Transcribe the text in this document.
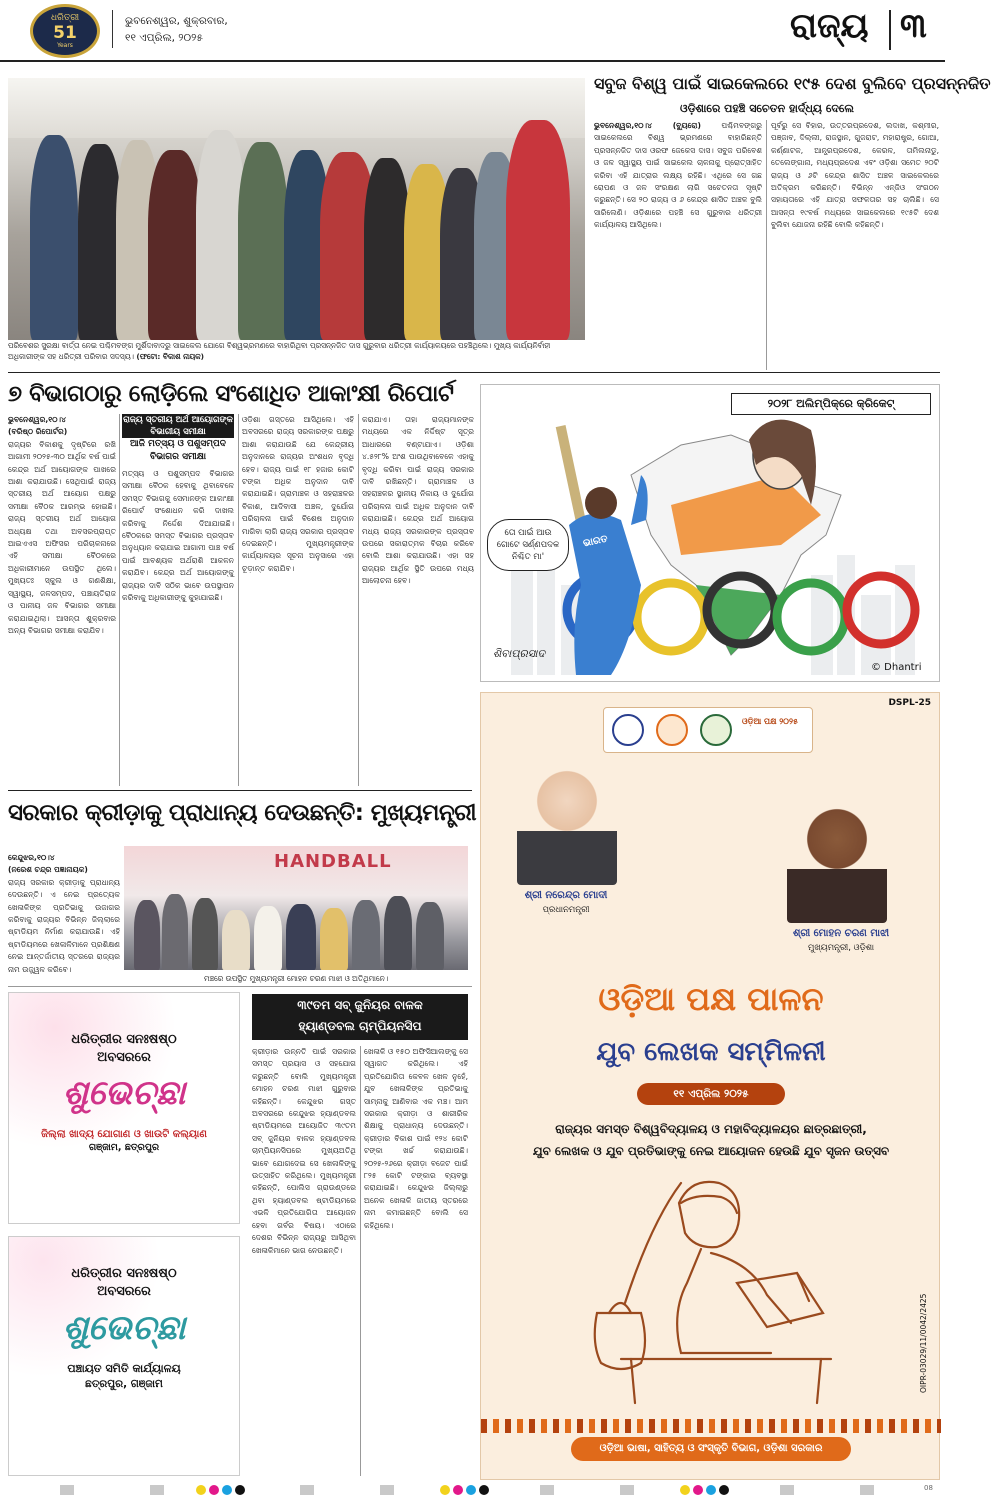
ଧରିତ୍ରୀ
51
Years
ଭୁବନେଶ୍ୱର, ଶୁକ୍ରବାର,
୧୧ ଏପ୍ରିଲ, ୨୦୨୫	ରାଜ୍ୟ ୩
ପରିବେଶର ସୁରକ୍ଷା ବାର୍ତ୍ତା ନେଇ ପଶ୍ଚିମବଙ୍ଗ ମୁର୍ଶିଦାବାଦରୁ ସାଇକେଲ ଯୋଗେ ବିଶ୍ୱଭ୍ରମଣରେ ବାହାରିଥିବା ପ୍ରସନ୍ନଜିତ ଦାସ ଗୁରୁବାର ଧରିତ୍ରୀ କାର୍ଯ୍ୟାଳୟରେ ପହଞ୍ଚିଥିଲେ। ମୁଖ୍ୟ କାର୍ଯ୍ୟନିର୍ବାହୀ ଅଧିକାରୀଙ୍କ ସହ ଧରିତ୍ରୀ ପରିବାର ସଦସ୍ୟ। (ଫଟୋ: ବିକାଶ ନାୟକ)
ସବୁଜ ବିଶ୍ୱ ପାଇଁ ସାଇକେଲରେ ୧୯୫ ଦେଶ ବୁଲିବେ ପ୍ରସନ୍ନଜିତ
ଓଡ଼ିଶାରେ ପହଞ୍ଚି ସଚେତନ ହାର୍ଦ୍ଧ୍ୟ ଦେଲେ
ଭୁବନେଶ୍ୱର,୧୦।୪ (ବ୍ୟୁରୋ)	ପଶ୍ଚିମବଙ୍ଗରୁ ସାଇକେଲରେ ବିଶ୍ୱ ଭ୍ରମଣରେ ବାହାରିଛନ୍ତି ପ୍ରସନ୍ନଜିତ ଦାସ ଓରଫ ଜେକେସ ଦାସ। ସବୁଜ ପରିବେଶ ଓ ଜଳ ସ୍ୱାସ୍ଥ୍ୟ ପାଇଁ ସାଇକେଲ ଚାଳନାକୁ ପ୍ରୋତ୍ସାହିତ କରିବା ଏହି ଯାତ୍ରାର ଲକ୍ଷ୍ୟ ରହିଛି। ଏଥିରେ ସେ ଗଛ ରୋପଣ ଓ ଜଳ ସଂରକ୍ଷଣ ଲାଗି ସଚେତନତା ସୃଷ୍ଟି କରୁଛନ୍ତି। ସେ ୨୦ ରାଜ୍ୟ ଓ ୬ କେନ୍ଦ୍ର ଶାସିତ ଅଞ୍ଚଳ ବୁଲି ସାରିଲେଣି। ଓଡ଼ିଶାରେ ପହଞ୍ଚି ସେ ଗୁରୁବାର ଧରିତ୍ରୀ କାର୍ଯ୍ୟାଳୟ ଆସିଥିଲେ।
ପୂର୍ବରୁ ସେ ବିହାର, ଉତ୍ତରପ୍ରଦେଶ, ଲଦାଖ, କଶ୍ମୀର, ପଞ୍ଜାବ, ଦିଲ୍ଲୀ, ରାଜସ୍ଥାନ, ଗୁଜରାଟ, ମହାରାଷ୍ଟ୍ର, ଗୋଆ, କର୍ଣ୍ଣାଟକ, ଆନ୍ଧ୍ରପ୍ରଦେଶ, କେରଳ, ତାମିଲନାଡୁ, ତେଲେଙ୍ଗାନା, ମଧ୍ୟପ୍ରଦେଶ ଏବଂ ଓଡ଼ିଶା ସମେତ ୨୦ଟି ରାଜ୍ୟ ଓ ୬ଟି କେନ୍ଦ୍ର ଶାସିତ ଅଞ୍ଚଳ ସାଇକେଲରେ ଅତିକ୍ରମ କରିଛନ୍ତି। ବିଭିନ୍ନ ଏନ୍‌ଜିଓ ସଂଗଠନ ସହାୟତାରେ ଏହି ଯାତ୍ରା ସଫଳତାର ସହ ଚାଲିଛି। ସେ ଆସନ୍ତା ୧୯ବର୍ଷ ମଧ୍ୟରେ ସାଇକେଲରେ ୧୯୫ଟି ଦେଶ ବୁଲିବା ଯୋଜନା ରହିଛି ବୋଲି କହିଛନ୍ତି।
୭ ବିଭାଗଠାରୁ ଲୋଡ଼ିଲେ ସଂଶୋଧିତ ଆକାଂକ୍ଷୀ ରିପୋର୍ଟ
ଭୁବନେଶ୍ୱର,୧୦।୪
(ବରିଷ୍ଠ ରିପୋର୍ଟର)
ରାଜ୍ୟର ବିକାଶକୁ ଦୃଷ୍ଟିରେ ରଖି ଆଗାମୀ ୨୦୨୫-୩୦ ଆର୍ଥିକ ବର୍ଷ ପାଇଁ କେନ୍ଦ୍ର ଅର୍ଥ ଆୟୋଗଙ୍କ ପାଖରେ ଆଶା କରାଯାଉଛି। ସେଥିପାଇଁ ରାଜ୍ୟ ସ୍ତରୀୟ ଅର୍ଥ ଆୟୋଗ ପକ୍ଷରୁ ସମୀକ୍ଷା ବୈଠକ ଆରମ୍ଭ ହୋଇଛି। ରାଜ୍ୟ ସ୍ତରୀୟ ଅର୍ଥ ଆୟୋଗ ଅଧ୍ୟକ୍ଷ ତଥା ଅବସରପ୍ରାପ୍ତ ଆଇଏଏସ ଅଫିସର ପରିଚାଳନାରେ ଏହି ସମୀକ୍ଷା ବୈଠକରେ ଅଧିକାରୀମାନେ ଉପସ୍ଥିତ ଥିଲେ। ମୁଖ୍ୟତଃ ସ୍କୁଲ ଓ ଗଣଶିକ୍ଷା, ସ୍ୱାସ୍ଥ୍ୟ, ଜଳସମ୍ପଦ, ପଞ୍ଚାୟତିରାଜ ଓ ପାନୀୟ ଜଳ ବିଭାଗର ସମୀକ୍ଷା କରାଯାଇଥିଲା। ଆସନ୍ତା ଶୁକ୍ରବାର ଅନ୍ୟ ବିଭାଗର ସମୀକ୍ଷା କରାଯିବ।
ରାଜ୍ୟ ସ୍ତରୀୟ ଅର୍ଥ ଆୟୋଗଙ୍କ
ବିଭାଗୀୟ ସମୀକ୍ଷା
ଆଜି ମତ୍ସ୍ୟ ଓ ପଶୁସମ୍ପଦ
ବିଭାଗର ସମୀକ୍ଷା
ମତ୍ସ୍ୟ ଓ ପଶୁସମ୍ପଦ ବିଭାଗର ସମୀକ୍ଷା ବୈଠକ ହେବାକୁ ଥିବାବେଳେ ସମସ୍ତ ବିଭାଗକୁ ସେମାନଙ୍କ ଆକାଂକ୍ଷୀ ରିପୋର୍ଟ ସଂଶୋଧନ କରି ଦାଖଲ କରିବାକୁ ନିର୍ଦ୍ଦେଶ ଦିଆଯାଇଛି। ବୈଠକରେ ସମସ୍ତ ବିଭାଗର ପ୍ରସ୍ତାବ ଅନୁଧ୍ୟାନ କରାଯାଇ ଆଗାମୀ ପାଞ୍ଚ ବର୍ଷ ପାଇଁ ଆବଶ୍ୟକ ଅର୍ଥରାଶି ଆକଳନ କରାଯିବ। କେନ୍ଦ୍ର ଅର୍ଥ ଆୟୋଗଙ୍କୁ ରାଜ୍ୟର ଦାବି ସଠିକ ଭାବେ ଉପସ୍ଥାପନ କରିବାକୁ ଅଧିକାରୀଙ୍କୁ କୁହାଯାଇଛି।
ଓଡ଼ିଶା ଗସ୍ତରେ ଆସିଥିଲେ। ଏହି ଅବସରରେ ରାଜ୍ୟ ସରକାରଙ୍କ ପକ୍ଷରୁ ଆଶା କରାଯାଉଛି ଯେ କେନ୍ଦ୍ରୀୟ ଅନୁଦାନରେ ରାଜ୍ୟର ଅଂଶଧନ ବୃଦ୍ଧି ହେବ। ରାଜ୍ୟ ପାଇଁ ୧୮ ହଜାର କୋଟି ଟଙ୍କା ଅଧିକ ଅନୁଦାନ ଦାବି କରାଯାଇଛି। ଗ୍ରାମାଞ୍ଚଳ ଓ ସହରାଞ୍ଚଳର ବିକାଶ, ଆଦିବାସୀ ଅଞ୍ଚଳ, ଦୁର୍ଯୋଗ ପରିଚାଳନା ପାଇଁ ବିଶେଷ ଅନୁଦାନ ମାଗିବା ଲାଗି ରାଜ୍ୟ ସରକାର ପ୍ରସ୍ତାବ ଦେଇଛନ୍ତି। ମୁଖ୍ୟମନ୍ତ୍ରୀଙ୍କ କାର୍ଯ୍ୟାଳୟର ସୂଚନା ଅନୁସାରେ ଏହା ଚୂଡ଼ାନ୍ତ କରାଯିବ।
କରାଯାଏ। ତାହା ରାଜ୍ୟମାନଙ୍କ ମଧ୍ୟରେ ଏକ ନିର୍ଦ୍ଦିଷ୍ଟ ସୂତ୍ର ଆଧାରରେ ବଣ୍ଟାଯାଏ। ଓଡ଼ିଶା ୪.୫୨୮% ଅଂଶ ପାଉଥିବାବେଳେ ଏହାକୁ ବୃଦ୍ଧି କରିବା ପାଇଁ ରାଜ୍ୟ ସରକାର ଦାବି ରଖିଛନ୍ତି। ଗ୍ରାମାଞ୍ଚଳ ଓ ସହରାଞ୍ଚଳର ସ୍ଥାନୀୟ ନିକାୟ ଓ ଦୁର୍ଯୋଗ ପରିଚାଳନା ପାଇଁ ଅଧିକ ଅନୁଦାନ ଦାବି କରାଯାଇଛି। କେନ୍ଦ୍ର ଅର୍ଥ ଆୟୋଗ ମଧ୍ୟ ରାଜ୍ୟ ସରକାରଙ୍କ ପ୍ରସ୍ତାବ ଉପରେ ସକାରାତ୍ମକ ବିଚାର କରିବେ ବୋଲି ଆଶା କରାଯାଉଛି। ଏହା ସହ ରାଜ୍ୟର ଆର୍ଥିକ ସ୍ଥିତି ଉପରେ ମଧ୍ୟ ଆଲୋଚନା ହେବ।
୨୦୨୮ ଅଲିମ୍ପିକ୍‌ରେ କ୍ରିକେଟ୍
ତୋ ପାଇଁ ଆଉ ଗୋଟେ ସର୍ଣ୍ଣପଦକ ନିଶ୍ଚିତ ମା'
ଭାରତ
ଶିବାପ୍ରସାଦ
© Dhantri
ସରକାର କ୍ରୀଡ଼ାକୁ ପ୍ରାଧାନ୍ୟ ଦେଉଛନ୍ତି: ମୁଖ୍ୟମନ୍ତ୍ରୀ
କେନ୍ଦୁଝର,୧୦।୪
(ନରେଶ ଚନ୍ଦ୍ର ପଜ୍ଞାନାୟକ)
ରାଜ୍ୟ ସରକାର କ୍ରୀଡ଼ାକୁ ପ୍ରାଧାନ୍ୟ ଦେଉଛନ୍ତି। ଏ ନେଇ ପ୍ରତ୍ୟେକ ଖେଳାଳିଙ୍କ ପ୍ରତିଭାକୁ ଉଜାଗର କରିବାକୁ ରାଜ୍ୟର ବିଭିନ୍ନ ଜିଲ୍ଲାରେ ଷ୍ଟାଡିୟମ ନିର୍ମାଣ କରାଯାଉଛି। ଏହି ଷ୍ଟାଡିୟମରେ ଖେଳାଳିମାନେ ପ୍ରଶିକ୍ଷଣ ନେଇ ଆନ୍ତର୍ଜାତୀୟ ସ୍ତରରେ ରାଜ୍ୟର ନାମ ଉଜ୍ଜ୍ୱଳ କରିବେ।
HANDBALL
ମଞ୍ଚରେ ଉପସ୍ଥିତ ମୁଖ୍ୟମନ୍ତ୍ରୀ ମୋହନ ଚରଣ ମାଝୀ ଓ ଅତିଥିମାନେ।
ଧରିତ୍ରୀର ସନଃଷଷ୍ଠ
ଅବସରରେ
ଶୁଭେଚ୍ଛା
ଜିଲ୍ଲା ଖାଦ୍ୟ ଯୋଗାଣ ଓ ଖାଉଟି କଲ୍ୟାଣ
ଗଞ୍ଜାମ, ଛତ୍ରପୁର
ଧରିତ୍ରୀର ସନଃଷଷ୍ଠ
ଅବସରରେ
ଶୁଭେଚ୍ଛା
ପଞ୍ଚାୟତ ସମିତି କାର୍ଯ୍ୟାଳୟ
ଛତ୍ରପୁର, ଗଞ୍ଜାମ
୩୯ତମ ସବ୍ ଜୁନିୟର ବାଳକ
ହ୍ୟାଣ୍ଡବଲ ଚାମ୍ପିୟନସିପ
କ୍ରୀଡ଼ାର ଉନ୍ନତି ପାଇଁ ସରକାର ସମସ୍ତ ପ୍ରୟାସ ଓ ସହଯୋଗ କରୁଛନ୍ତି ବୋଲି ମୁଖ୍ୟମନ୍ତ୍ରୀ ମୋହନ ଚରଣ ମାଝୀ ଗୁରୁବାର କହିଛନ୍ତି। କେନ୍ଦୁଝର ଗସ୍ତ ଅବସରରେ କେନ୍ଦୁଝର ହ୍ୟାଣ୍ଡବଲ ଷ୍ଟାଡିୟମରେ ଆୟୋଜିତ ୩୯ତମ ସବ୍ ଜୁନିୟର ବାଳକ ହ୍ୟାଣ୍ଡବଲ ଚାମ୍ପିୟନସିପରେ ମୁଖ୍ୟଅତିଥି ଭାବେ ଯୋଗଦେଇ ସେ ଖେଳାଳିଙ୍କୁ ଉତ୍ସାହିତ କରିଥିଲେ। ମୁଖ୍ୟମନ୍ତ୍ରୀ କହିଛନ୍ତି, ପୋଲିସ ଗ୍ରାଉଣ୍ଡରେ ଥିବା ହ୍ୟାଣ୍ଡବଲ ଷ୍ଟାଡିୟମରେ ଏଭଳି ପ୍ରତିଯୋଗିତା ଆୟୋଜନ ହେବା ଗର୍ବର ବିଷୟ। ଏଠାରେ ଦେଶର ବିଭିନ୍ନ ରାଜ୍ୟରୁ ଆସିଥିବା ଖେଳାଳିମାନେ ଭାଗ ନେଉଛନ୍ତି।
ଖେଳାଳି ଓ ୧୫୦ ଅଫିସିଆଲଙ୍କୁ ସେ ସ୍ୱାଗତ କରିଥିଲେ। ଏହି ପ୍ରତିଯୋଗିତା କେବଳ ଖେଳ ନୁହେଁ, ଯୁବ ଖେଳାଳିଙ୍କ ପ୍ରତିଭାକୁ ସାମ୍ନାକୁ ଆଣିବାର ଏକ ମଞ୍ଚ। ଆମ ସରକାର କ୍ରୀଡ଼ା ଓ ଶାରୀରିକ ଶିକ୍ଷାକୁ ପ୍ରାଧାନ୍ୟ ଦେଉଛନ୍ତି। କ୍ରୀଡ଼ାର ବିକାଶ ପାଇଁ ୧୨୪ କୋଟି ଟଙ୍କା ଖର୍ଚ୍ଚ କରାଯାଉଛି। ୨୦୨୫-୨୬ରେ କ୍ରୀଡ଼ା ବଜେଟ ପାଇଁ ୮୨୫ କୋଟି ଟଙ୍କାର ବ୍ୟବସ୍ଥା କରାଯାଇଛି। କେନ୍ଦୁଝର ଜିଲ୍ଲାରୁ ଅନେକ ଖେଳାଳି ଜାତୀୟ ସ୍ତରରେ ନାମ କମାଇଛନ୍ତି ବୋଲି ସେ କହିଥିଲେ।
DSPL-25
ଓଡ଼ିଆ ପକ୍ଷ ୨୦୨୫
ଶ୍ରୀ ନରେନ୍ଦ୍ର ମୋଦୀ
ପ୍ରଧାନମନ୍ତ୍ରୀ
ଶ୍ରୀ ମୋହନ ଚରଣ ମାଝୀ
ମୁଖ୍ୟମନ୍ତ୍ରୀ, ଓଡ଼ିଶା
ଓଡ଼ିଆ ପକ୍ଷ ପାଳନ
ଯୁବ ଲେଖକ ସମ୍ମିଳନୀ
୧୧ ଏପ୍ରିଲ ୨୦୨୫
ରାଜ୍ୟର ସମସ୍ତ ବିଶ୍ୱବିଦ୍ୟାଳୟ ଓ ମହାବିଦ୍ୟାଳୟର ଛାତ୍ରଛାତ୍ରୀ,
ଯୁବ ଲେଖକ ଓ ଯୁବ ପ୍ରତିଭାଙ୍କୁ ନେଇ ଆୟୋଜନ ହେଉଛି ଯୁବ ସୃଜନ ଉତ୍ସବ
ଓଡ଼ିଆ ଭାଷା, ସାହିତ୍ୟ ଓ ସଂସ୍କୃତି ବିଭାଗ, ଓଡ଼ିଶା ସରକାର
OIPR-03029/11/0042/2425
08
